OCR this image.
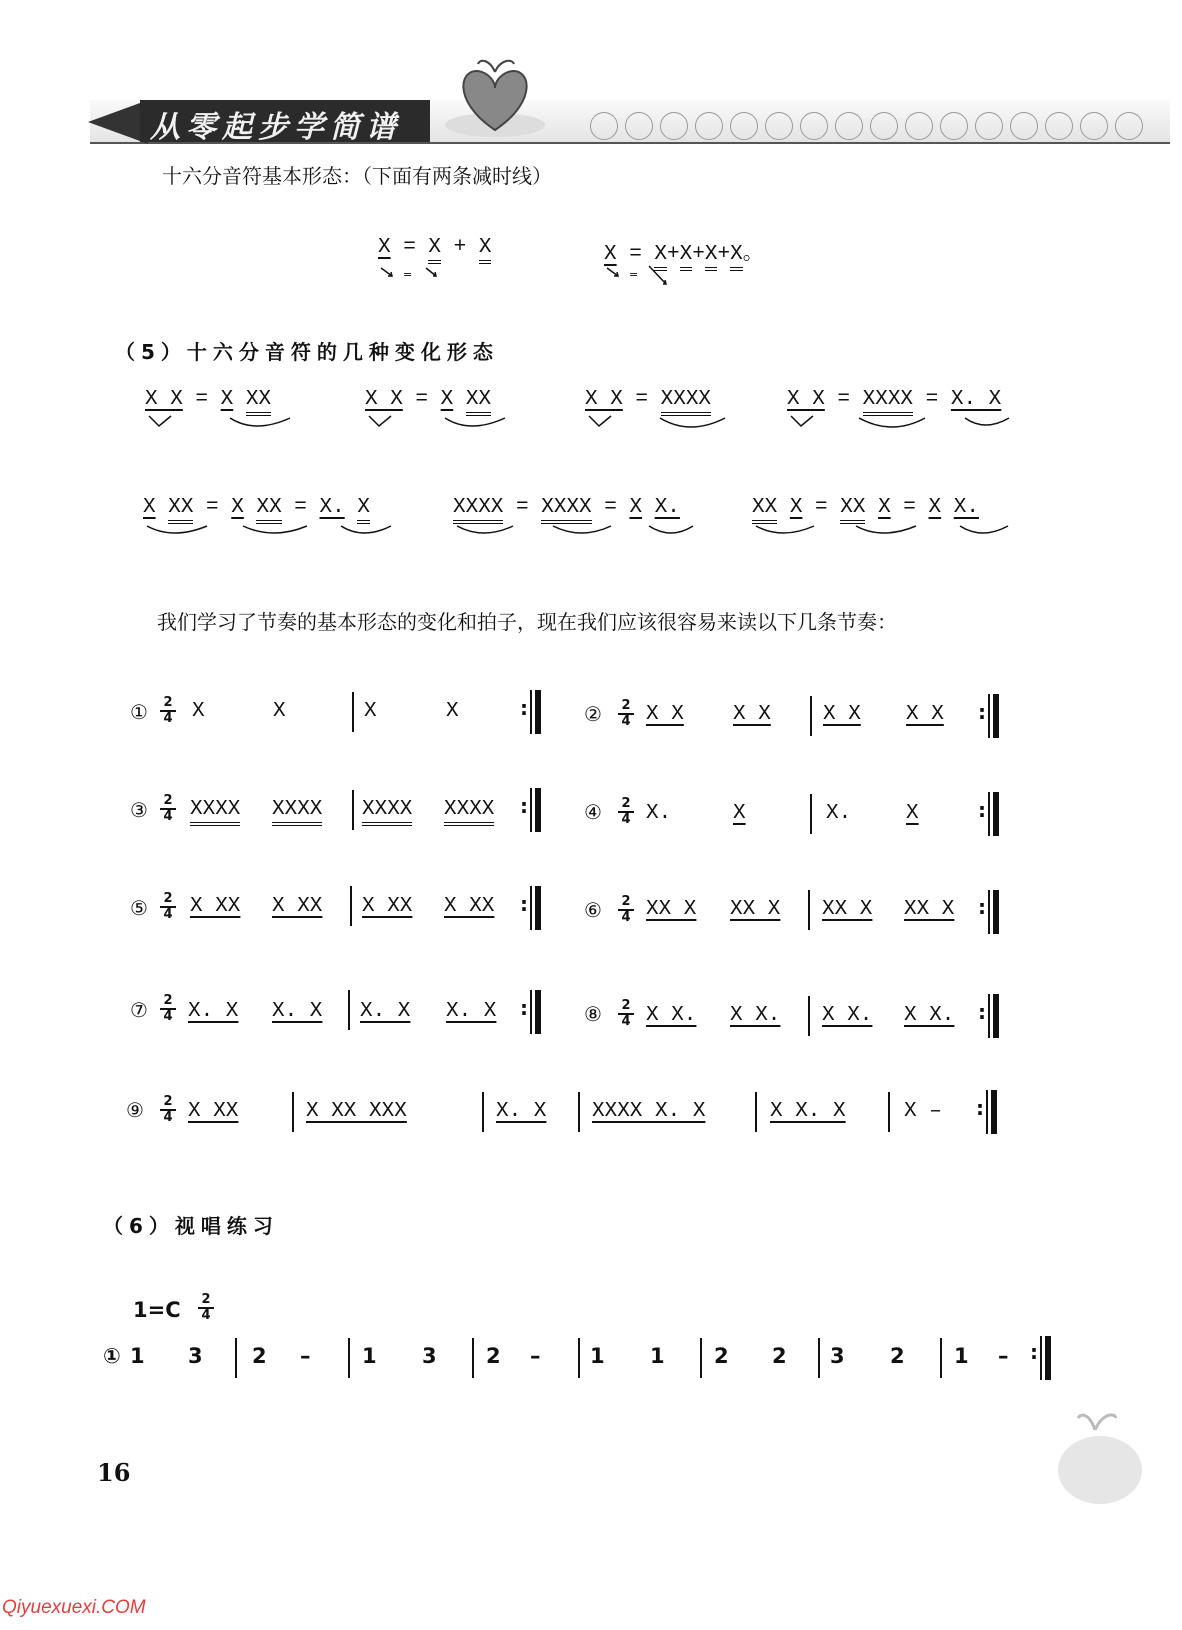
从零起步学简谱
十六分音符基本形态：（下面有两条减时线）
X = X + X
=
X = X+X+X+X。
=
（5）十六分音符的几种变化形态
X X = X XX	X X = X XX	X X = XXXX	X X = XXXX = X. X
X XX = X XX = X. X	XXXX = XXXX = X X.	XX X = XX X = X X.
我们学习了节奏的基本形态的变化和拍子，现在我们应该很容易来读以下几条节奏：
① 2
4 X	X	X	X	:	② 2
4 X X X X X X X X :
③ 2
4 XXXX XXXX XXXX XXXX :	④ 2
4 X.	X	X.	X	:
⑤ 2
4 X XX X XX X XX X XX :	⑥ 2
4 XX X XX X XX X XX X :
⑦ 2
4 X. X X. X X. X X. X :	⑧ 2
4 X X. X X. X X. X X. :
⑨ 2
4 X XX	X XX XXX	X. X XXXX X. X	X X. X	X – :
（6）视唱练习
1=C 2
4
① 1 3 2 – 1 3 2 – 1 1 2 2 3 2 1 – :
16
Qiyuexuexi.COM
